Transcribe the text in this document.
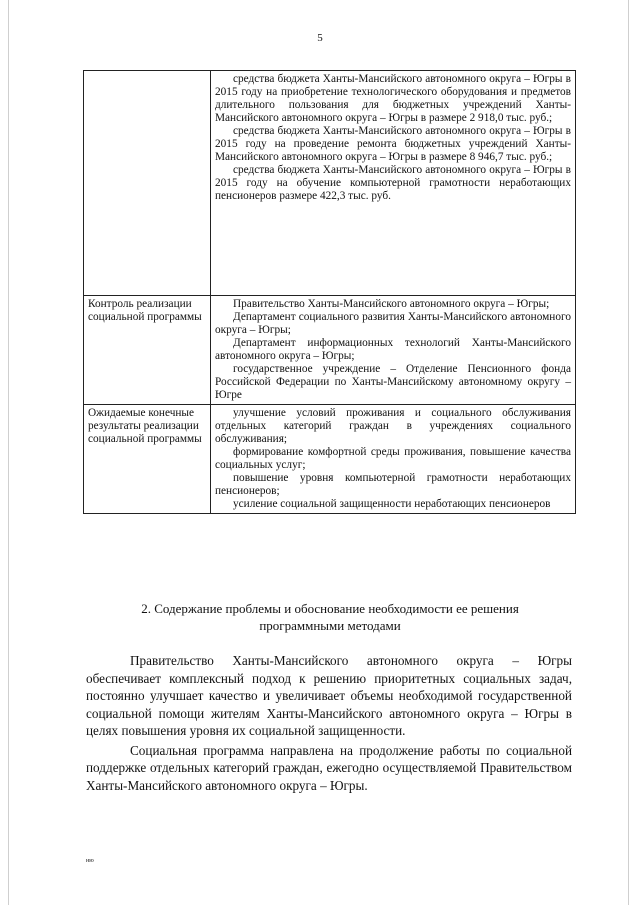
5

	средства бюджета Ханты-Мансийского автономного округа – Югры в 2015 году на приобретение технологического оборудования и предметов длительного пользования для бюджетных учреждений Ханты-Мансийского автономного округа – Югры в размере 2 918,0 тыс. руб.;

средства бюджета Ханты-Мансийского автономного округа – Югры в 2015 году на проведение ремонта бюджетных учреждений Ханты-Мансийского автономного округа – Югры в размере 8 946,7 тыс. руб.;

средства бюджета Ханты-Мансийского автономного округа – Югры в 2015 году на обучение компьютерной грамотности неработающих пенсионеров размере 422,3 тыс. руб.

Контроль реализации социальной программы	Правительство Ханты-Мансийского автономного округа – Югры;

Департамент социального развития Ханты-Мансийского автономного округа – Югры;

Департамент информационных технологий Ханты-Мансийского автономного округа – Югры;

государственное учреждение – Отделение Пенсионного фонда Российской Федерации по Ханты-Мансийскому автономному округу – Югре

Ожидаемые конечные результаты реализации социальной программы	улучшение условий проживания и социального обслуживания отдельных категорий граждан в учреждениях социального обслуживания;

формирование комфортной среды проживания, повышение качества социальных услуг;

повышение уровня компьютерной грамотности неработающих пенсионеров;

усиление социальной защищенности неработающих пенсионеров

2. Содержание проблемы и обоснование необходимости ее решения программными методами

Правительство Ханты-Мансийского автономного округа – Югры обеспечивает комплексный подход к решению приоритетных социальных задач, постоянно улучшает качество и увеличивает объемы необходимой государственной социальной помощи жителям Ханты-Мансийского автономного округа – Югры в целях повышения уровня их социальной защищенности.

Социальная программа направлена на продолжение работы по социальной поддержке отдельных категорий граждан, ежегодно осуществляемой Правительством Ханты-Мансийского автономного округа – Югры.

ню
